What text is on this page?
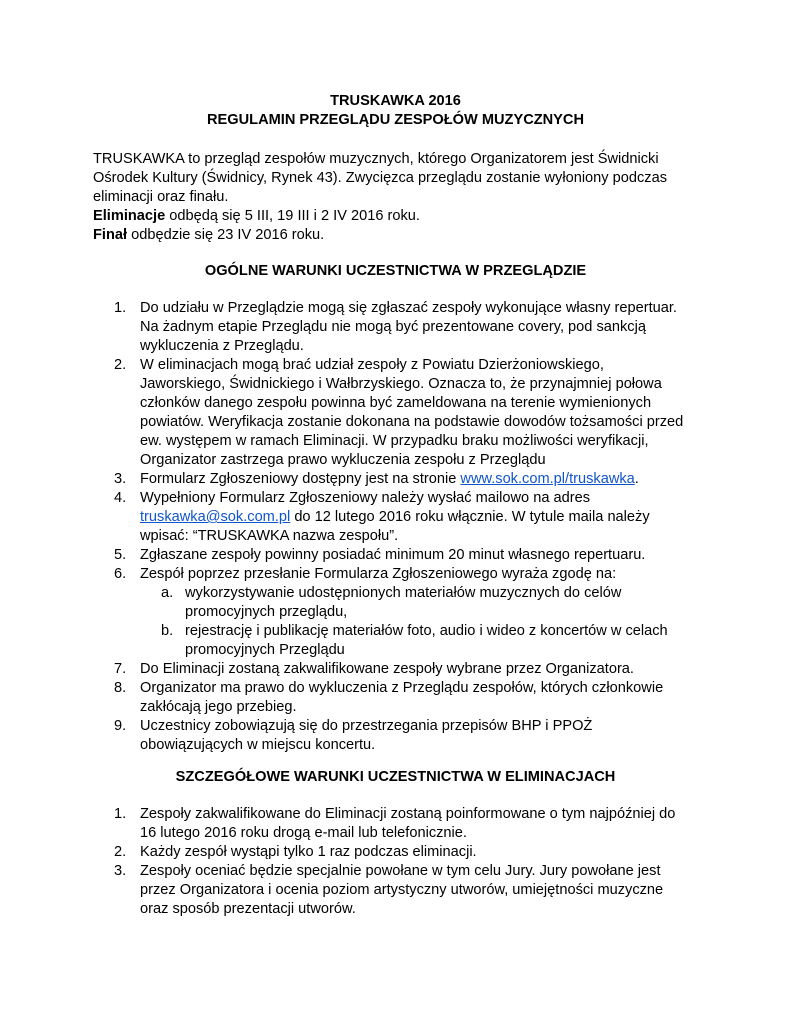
TRUSKAWKA 2016
REGULAMIN PRZEGLĄDU ZESPOŁÓW MUZYCZNYCH

TRUSKAWKA to przegląd zespołów muzycznych, którego Organizatorem jest Świdnicki Ośrodek Kultury (Świdnicy, Rynek 43). Zwycięzca przeglądu zostanie wyłoniony podczas eliminacji oraz finału.

Eliminacje odbędą się 5 III, 19 III i 2 IV 2016 roku.

Finał odbędzie się 23 IV 2016 roku.

OGÓLNE WARUNKI UCZESTNICTWA W PRZEGLĄDZIE
1. Do udziału w Przeglądzie mogą się zgłaszać zespoły wykonujące własny repertuar. Na żadnym etapie Przeglądu nie mogą być prezentowane covery, pod sankcją wykluczenia z Przeglądu.
2. W eliminacjach mogą brać udział zespoły z Powiatu Dzierżoniowskiego, Jaworskiego, Świdnickiego i Wałbrzyskiego. Oznacza to, że przynajmniej połowa członków danego zespołu powinna być zameldowana na terenie wymienionych powiatów. Weryfikacja zostanie dokonana na podstawie dowodów tożsamości przed ew. występem w ramach Eliminacji. W przypadku braku możliwości weryfikacji, Organizator zastrzega prawo wykluczenia zespołu z Przeglądu
3. Formularz Zgłoszeniowy dostępny jest na stronie www.sok.com.pl/truskawka.
4. Wypełniony Formularz Zgłoszeniowy należy wysłać mailowo na adres truskawka@sok.com.pl do 12 lutego 2016 roku włącznie. W tytule maila należy wpisać: “TRUSKAWKA nazwa zespołu”.
5. Zgłaszane zespoły powinny posiadać minimum 20 minut własnego repertuaru.
6. Zespół poprzez przesłanie Formularza Zgłoszeniowego wyraża zgodę na:
a. wykorzystywanie udostępnionych materiałów muzycznych do celów promocyjnych przeglądu,
b. rejestrację i publikację materiałów foto, audio i wideo z koncertów w celach promocyjnych Przeglądu
7. Do Eliminacji zostaną zakwalifikowane zespoły wybrane przez Organizatora.
8. Organizator ma prawo do wykluczenia z Przeglądu zespołów, których członkowie zakłócają jego przebieg.
9. Uczestnicy zobowiązują się do przestrzegania przepisów BHP i PPOŻ obowiązujących w miejscu koncertu.
SZCZEGÓŁOWE WARUNKI UCZESTNICTWA W ELIMINACJACH
1. Zespoły zakwalifikowane do Eliminacji zostaną poinformowane o tym najpóźniej do 16 lutego 2016 roku drogą e-mail lub telefonicznie.
2. Każdy zespół wystąpi tylko 1 raz podczas eliminacji.
3. Zespoły oceniać będzie specjalnie powołane w tym celu Jury. Jury powołane jest przez Organizatora i ocenia poziom artystyczny utworów, umiejętności muzyczne oraz sposób prezentacji utworów.
